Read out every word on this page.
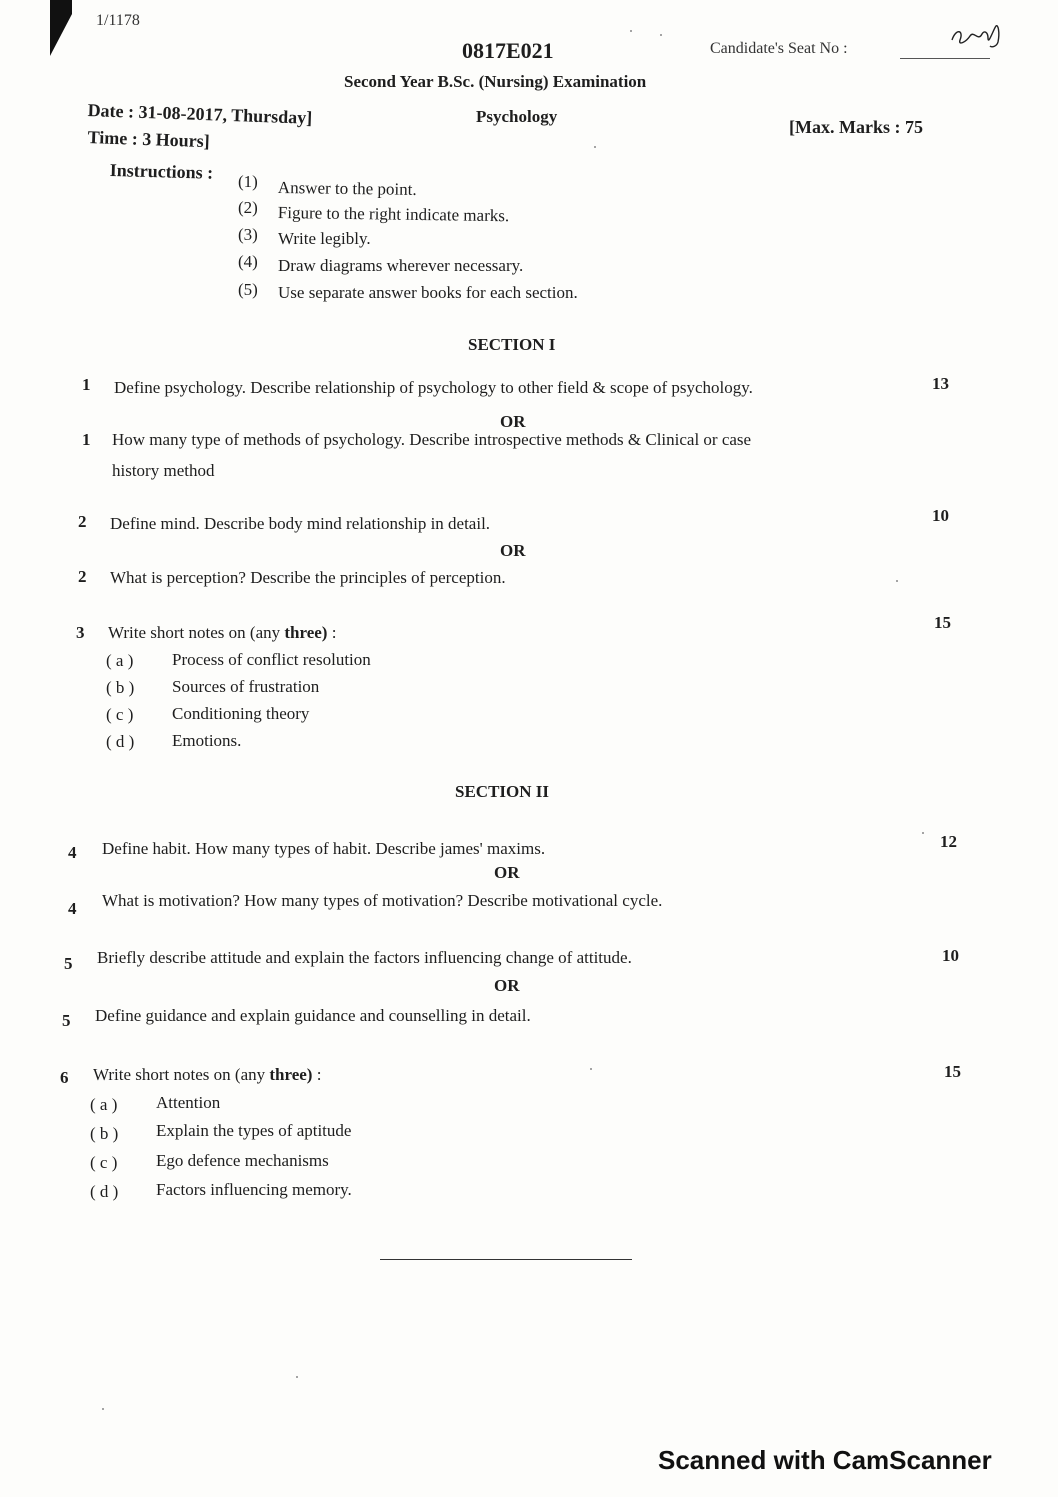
1/1178
0817E021	Candidate's Seat No :
Second Year B.Sc. (Nursing) Examination
Psychology
Date : 31-08-2017, Thursday]
Time : 3 Hours]	[Max. Marks : 75
Instructions : (1) Answer to the point.
(2) Figure to the right indicate marks.
(3) Write legibly.
(4) Draw diagrams wherever necessary.
(5) Use separate answer books for each section.
SECTION I
1 Define psychology. Describe relationship of psychology to other field & scope of psychology.	13
OR
1 How many type of methods of psychology. Describe introspective methods & Clinical or case
history method
2 Define mind. Describe body mind relationship in detail.	10
OR
2 What is perception? Describe the principles of perception.
3 Write short notes on (any three) :
15
( a ) Process of conflict resolution
( b ) Sources of frustration
( c ) Conditioning theory
( d ) Emotions.
SECTION II
4 Define habit. How many types of habit. Describe james' maxims.	12
OR
4 What is motivation? How many types of motivation? Describe motivational cycle.
5 Briefly describe attitude and explain the factors influencing change of attitude.	10
OR
5 Define guidance and explain guidance and counselling in detail.
6 Write short notes on (any three) :	15
( a ) Attention
( b ) Explain the types of aptitude
( c ) Ego defence mechanisms
( d ) Factors influencing memory.
Scanned with CamScanner
